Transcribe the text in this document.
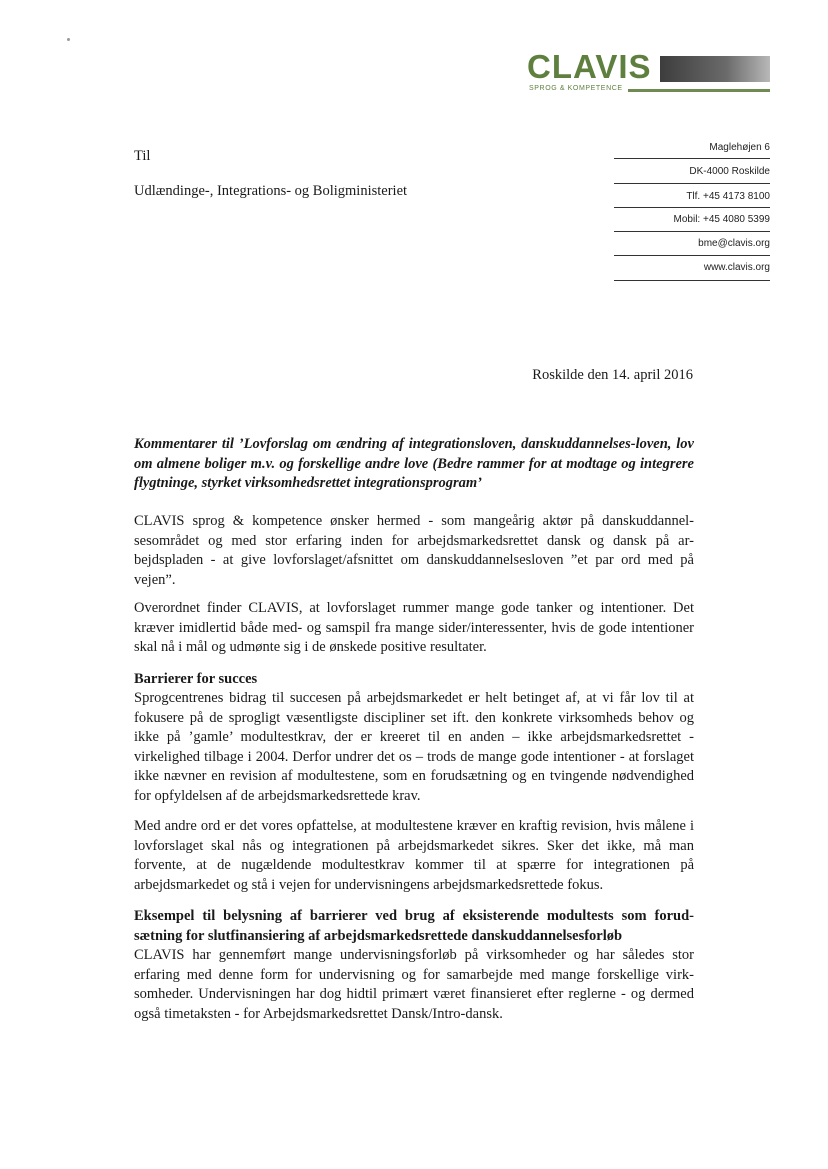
CLAVIS
SPROG & KOMPETENCE
Til
Udlændinge-, Integrations- og Boligministeriet
Maglehøjen 6
DK-4000 Roskilde
Tlf. +45 4173 8100
Mobil: +45 4080 5399
bme@clavis.org
www.clavis.org
Roskilde den 14. april 2016
Kommentarer til ’Lovforslag om ændring af integrationsloven, danskuddannelses-loven, lov om almene boliger m.v. og forskellige andre love (Bedre rammer for at modtage og integrere flygtninge, styrket virksomhedsrettet integrationsprogram’
CLAVIS sprog & kompetence ønsker hermed - som mangeårig aktør på danskuddannel-sesområdet og med stor erfaring inden for arbejdsmarkedsrettet dansk og dansk på ar-bejdspladen - at give lovforslaget/afsnittet om danskuddannelsesloven ”et par ord med på vejen”.
Overordnet finder CLAVIS, at lovforslaget rummer mange gode tanker og intentioner. Det kræver imidlertid både med- og samspil fra mange sider/interessenter, hvis de gode intentioner skal nå i mål og udmønte sig i de ønskede positive resultater.
Barrierer for succes
Sprogcentrenes bidrag til succesen på arbejdsmarkedet er helt betinget af, at vi får lov til at fokusere på de sprogligt væsentligste discipliner set ift. den konkrete virksomheds behov og ikke på ’gamle’ modultestkrav, der er kreeret til en anden – ikke arbejdsmarkedsrettet - virkelighed tilbage i 2004. Derfor undrer det os – trods de mange gode intentioner - at forslaget ikke nævner en revision af modultestene, som en forudsætning og en tvingende nødvendighed for opfyldelsen af de arbejdsmarkedsrettede krav.
Med andre ord er det vores opfattelse, at modultestene kræver en kraftig revision, hvis målene i lovforslaget skal nås og integrationen på arbejdsmarkedet sikres. Sker det ikke, må man forvente, at de nugældende modultestkrav kommer til at spærre for integrationen på arbejdsmarkedet og stå i vejen for undervisningens arbejdsmarkedsrettede fokus.
Eksempel til belysning af barrierer ved brug af eksisterende modultests som forud-sætning for slutfinansiering af arbejdsmarkedsrettede danskuddannelsesforløb
CLAVIS har gennemført mange undervisningsforløb på virksomheder og har således stor erfaring med denne form for undervisning og for samarbejde med mange forskellige virk-somheder. Undervisningen har dog hidtil primært været finansieret efter reglerne - og dermed også timetaksten - for Arbejdsmarkedsrettet Dansk/Intro-dansk.
